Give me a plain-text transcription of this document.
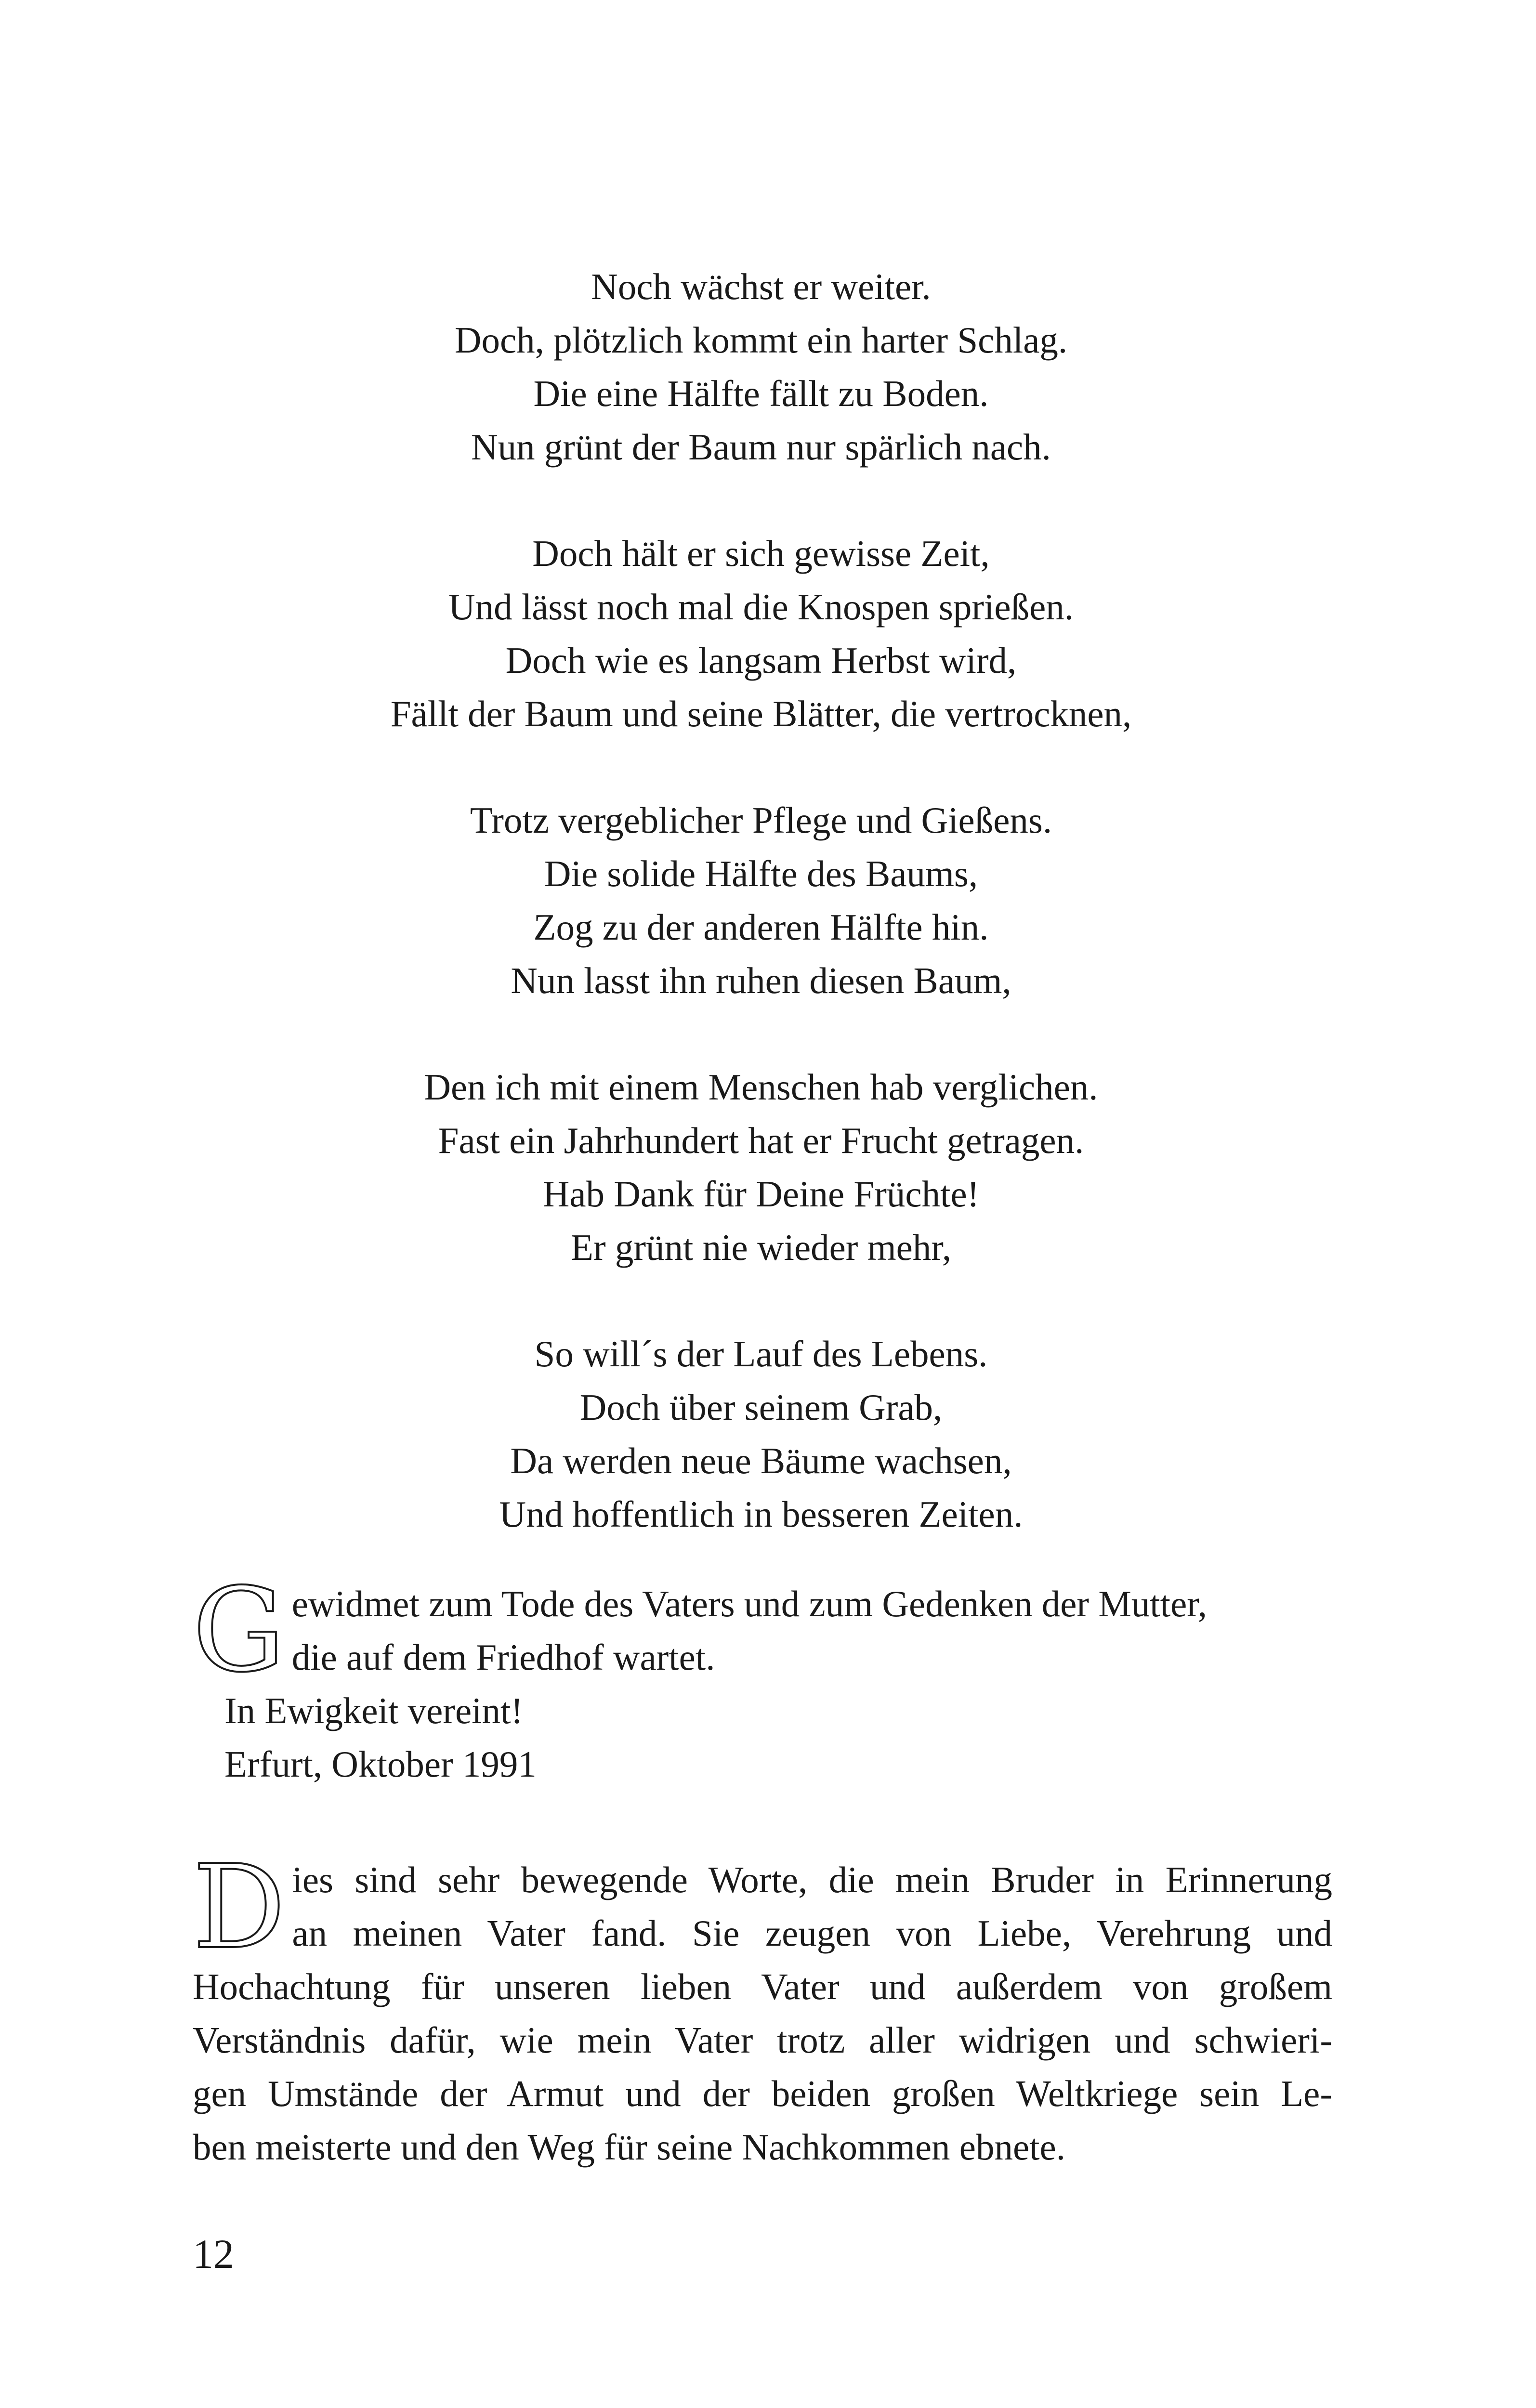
Noch wächst er weiter.
Doch, plötzlich kommt ein harter Schlag.
Die eine Hälfte fällt zu Boden.
Nun grünt der Baum nur spärlich nach.
Doch hält er sich gewisse Zeit,
Und lässt noch mal die Knospen sprießen.
Doch wie es langsam Herbst wird,
Fällt der Baum und seine Blätter, die vertrocknen,
Trotz vergeblicher Pflege und Gießens.
Die solide Hälfte des Baums,
Zog zu der anderen Hälfte hin.
Nun lasst ihn ruhen diesen Baum,
Den ich mit einem Menschen hab verglichen.
Fast ein Jahrhundert hat er Frucht getragen.
Hab Dank für Deine Früchte!
Er grünt nie wieder mehr,
So will´s der Lauf des Lebens.
Doch über seinem Grab,
Da werden neue Bäume wachsen,
Und hoffentlich in besseren Zeiten.
G ewidmet zum Tode des Vaters und zum Gedenken der Mutter,
die auf dem Friedhof wartet.
In Ewigkeit vereint!
Erfurt, Oktober 1991
D ies sind sehr bewegende Worte, die mein Bruder in Erinnerung
an meinen Vater fand. Sie zeugen von Liebe, Verehrung und
Hochachtung für unseren lieben Vater und außerdem von großem
Verständnis dafür, wie mein Vater trotz aller widrigen und schwieri-
gen Umstände der Armut und der beiden großen Weltkriege sein Le-
ben meisterte und den Weg für seine Nachkommen ebnete.
12
